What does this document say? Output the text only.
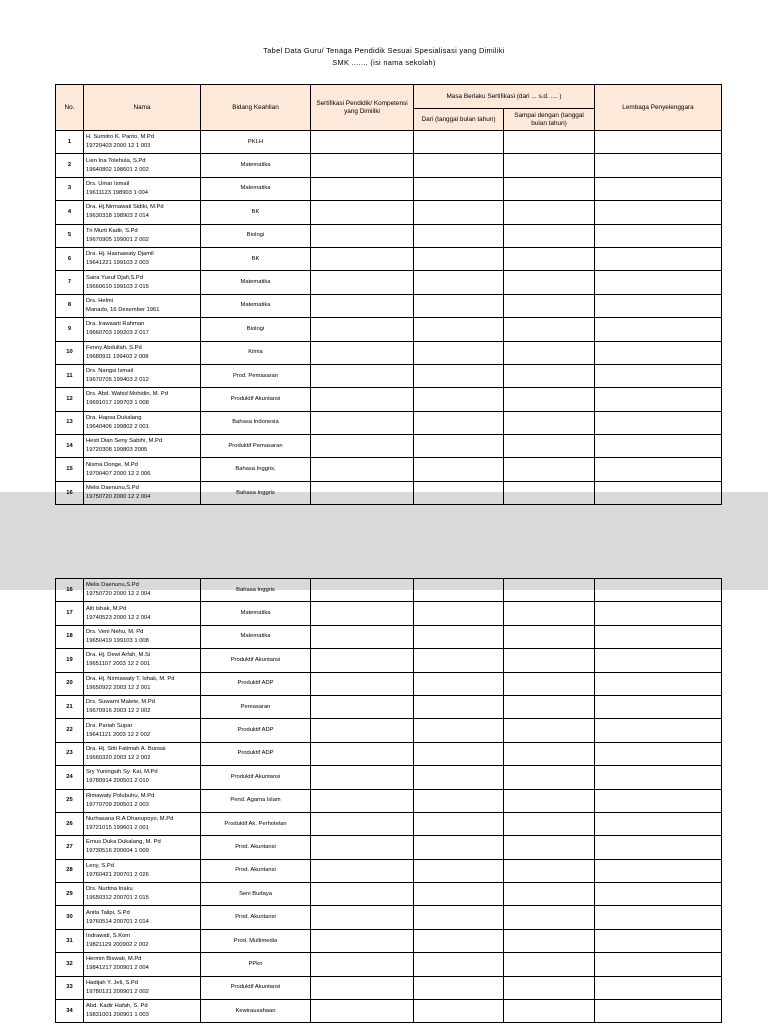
Tabel Data Guru/ Tenaga Pendidik Sesuai Spesialisasi yang Dimiliki
SMK ....... (isi nama sekolah)
No.	Nama	Bidang Keahlian	Sertifikasi Pendidik/ Kompetensi yang Dimiliki	Masa Berlaku Sertifikasi (dari ... s.d. .... )		Lembaga Penyelenggara
				Dari (tanggal bulan tahun)	Sampai dengan (tanggal bulan tahun)	
1	H. Sumitro K. Panto, M.Pd
19720403 2000 12 1 003	PKLH				
2	Lien Ina Tolehula, S.Pd
19640802 198601 2 002	Matematika				
3	Drs. Umar Ismail
19611123 198903 1 004	Matematika				
4	Dra. Hj.Nirmawati Sidiki, M.Pd
19630318 198903 2 014	BK				
5	Tri Murti Kadir, S.Pd
19670905 199001 2 002	Biologi				
6	Dra. Hj. Hasnawaty Djamil
19641221 199103 2 003	BK				
7	Saira Yusuf Djafi,S.Pd
19660610 199103 2 015	Matematika				
8	Drs. Helmi
Manado, 16 Desember 1961	Matematika				
9	Dra. Irawaarti Rahman
19660703 199203 2 017	Biologi				
10	Fenny Abdullah, S.Pd
19680911 199403 2 008	Kimia				
11	Drs. Nangsi Ismail
19670705 199403 2 012	Prod. Pemasaran				
12	Drs. Abd. Wahid Mohidin, M. Pd
19691017 199703 1 008	Produktif Akuntansi				
13	Dra. Hapsa Dukalang
19640406 199802 2 001	Bahasa Indonesia				
14	Hesti Dian Seny Sabihi, M.Pd
19720308 199803 2005	Produktif Pemasaran				
15	Nisma Donge, M.Pd
19700407 2000 12 2 006	Bahasa Inggris,				
16	Melis Daenunu,S.Pd
19750720 2000 12 2 004	Bahasa Inggris				
16	Melis Daenunu,S.Pd
19750720 2000 12 2 004	Bahasa Inggris				
17	Alti Ishak, M.Pd
19740523 2000 12 2 004	Matematika				
18	Drs. Veni Nehu, M. Pd
19650419 199103 1 008	Matematika				
19	Dra. Hj. Dewi Arfah, M.Si
19651107 2003 12 2 001	Produktif Akuntansi				
20	Dra. Hj. Nirmawaty T. Ishak, M. Pd
19650922 2003 12 2 001	Produktif ADP				
21	Drs. Suwarni Malete, M.Pd
19670916 2003 12 2 002	Pemasaran				
22	Dra. Pariah Supar
19641121 2003 12 2 002	Produktif ADP				
23	Dra. Hj. Sitti Fatimah A. Bunsai
19660320 2003 12 2 002	Produktif ADP				
24	Sry Yuningsih Sy. Kai, M.Pd
19780914 200501 2 010	Produktif Akuntansi				
25	Rimawaty Polubuhu, M.Pd
19770709 200501 2 003	Pend. Agama Islam				
26	Nurhasana R.A Dhanupoyo, M.Pd
19721015 199601 2 001	Produktif Ak. Perhotelan				
27	Ernus Duka Dukalang, M. Pd
19730516 200604 1 009	Prod. Akuntansi				
28	Leny, S.Pd
19760421 200701 2 026	Prod. Akuntansi				
29	Drs. Nurtina Inaku
19650312 200701 2 015	Seni Budaya				
30	Anita Talipi, S.Pd
19760514 200701 2 014	Prod. Akuntansi				
31	Indrawati, S.Kom
19821129 200902 2 002	Prod. Multimedia				
32	Hermin Biswati, M.Pd
19841217 200901 2 004	PPkn				
33	Hadijah Y. Jeli, S.Pd
19780121 200901 2 002	Produktif Akuntansi				
34	Abd. Kadir Hafah, S. Pd
19831001 200901 1 003	Kewirausahaan				
